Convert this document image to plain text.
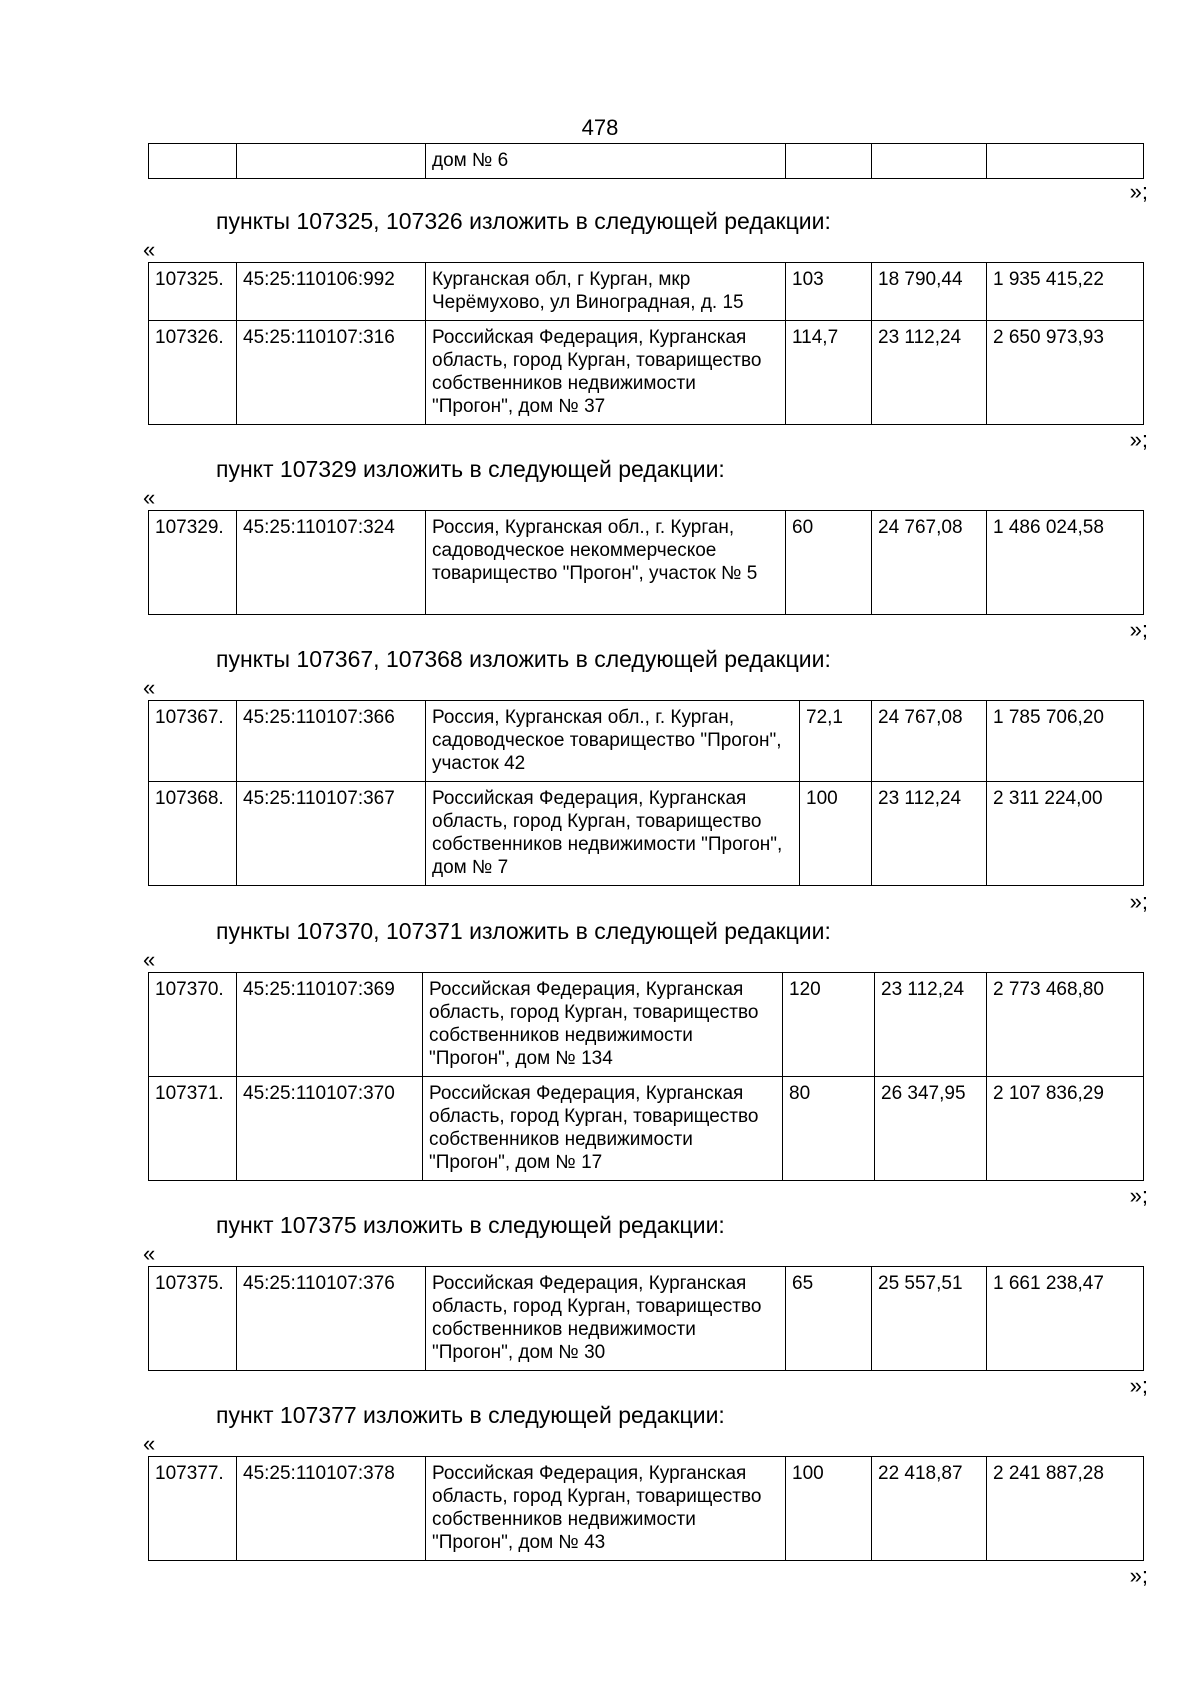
478
		дом № 6			
»;
пункты 107325, 107326 изложить в следующей редакции:
«
107325.	45:25:110106:992	Курганская обл, г Курган, мкр Черёмухово, ул Виноградная, д. 15	103	18 790,44	1 935 415,22
107326.	45:25:110107:316	Российская Федерация, Курганская область, город Курган, товарищество собственников недвижимости "Прогон", дом № 37	114,7	23 112,24	2 650 973,93
»;
пункт 107329 изложить в следующей редакции:
«
107329.	45:25:110107:324	Россия, Курганская обл., г. Курган, садоводческое некоммерческое товарищество "Прогон", участок № 5	60	24 767,08	1 486 024,58
»;
пункты 107367, 107368 изложить в следующей редакции:
«
107367.	45:25:110107:366	Россия, Курганская обл., г. Курган, садоводческое товарищество "Прогон", участок 42	72,1	24 767,08	1 785 706,20
107368.	45:25:110107:367	Российская Федерация, Курганская область, город Курган, товарищество собственников недвижимости "Прогон", дом № 7	100	23 112,24	2 311 224,00
»;
пункты 107370, 107371 изложить в следующей редакции:
«
107370.	45:25:110107:369	Российская Федерация, Курганская область, город Курган, товарищество собственников недвижимости "Прогон", дом № 134	120	23 112,24	2 773 468,80
107371.	45:25:110107:370	Российская Федерация, Курганская область, город Курган, товарищество собственников недвижимости "Прогон", дом № 17	80	26 347,95	2 107 836,29
»;
пункт 107375 изложить в следующей редакции:
«
107375.	45:25:110107:376	Российская Федерация, Курганская область, город Курган, товарищество собственников недвижимости "Прогон", дом № 30	65	25 557,51	1 661 238,47
»;
пункт 107377 изложить в следующей редакции:
«
107377.	45:25:110107:378	Российская Федерация, Курганская область, город Курган, товарищество собственников недвижимости "Прогон", дом № 43	100	22 418,87	2 241 887,28
»;
